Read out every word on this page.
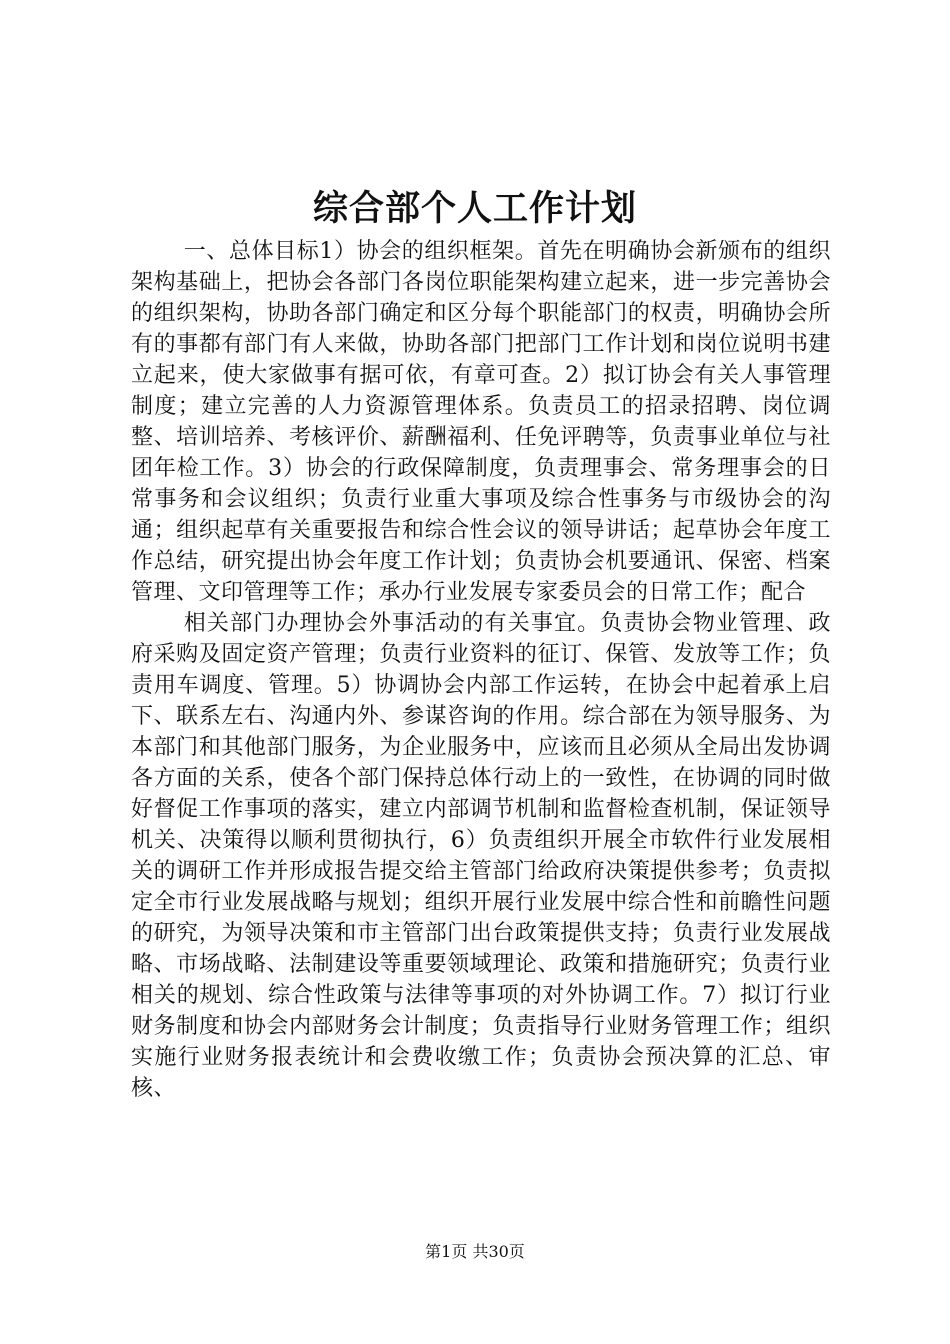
综合部个人工作计划

一、总体目标1）协会的组织框架。首先在明确协会新颁布的组织架构基础上，把协会各部门各岗位职能架构建立起来，进一步完善协会的组织架构，协助各部门确定和区分每个职能部门的权责，明确协会所有的事都有部门有人来做，协助各部门把部门工作计划和岗位说明书建立起来，使大家做事有据可依，有章可查。2）拟订协会有关人事管理制度；建立完善的人力资源管理体系。负责员工的招录招聘、岗位调整、培训培养、考核评价、薪酬福利、任免评聘等，负责事业单位与社团年检工作。3）协会的行政保障制度，负责理事会、常务理事会的日常事务和会议组织；负责行业重大事项及综合性事务与市级协会的沟通；组织起草有关重要报告和综合性会议的领导讲话；起草协会年度工作总结，研究提出协会年度工作计划；负责协会机要通讯、保密、档案管理、文印管理等工作；承办行业发展专家委员会的日常工作；配合

相关部门办理协会外事活动的有关事宜。负责协会物业管理、政府采购及固定资产管理；负责行业资料的征订、保管、发放等工作；负责用车调度、管理。5）协调协会内部工作运转，在协会中起着承上启下、联系左右、沟通内外、参谋咨询的作用。综合部在为领导服务、为本部门和其他部门服务，为企业服务中，应该而且必须从全局出发协调各方面的关系，使各个部门保持总体行动上的一致性，在协调的同时做好督促工作事项的落实，建立内部调节机制和监督检查机制，保证领导机关、决策得以顺利贯彻执行，6）负责组织开展全市软件行业发展相关的调研工作并形成报告提交给主管部门给政府决策提供参考；负责拟定全市行业发展战略与规划；组织开展行业发展中综合性和前瞻性问题的研究，为领导决策和市主管部门出台政策提供支持；负责行业发展战略、市场战略、法制建设等重要领域理论、政策和措施研究；负责行业相关的规划、综合性政策与法律等事项的对外协调工作。7）拟订行业财务制度和协会内部财务会计制度；负责指导行业财务管理工作；组织实施行业财务报表统计和会费收缴工作；负责协会预决算的汇总、审核、

第1页 共30页
